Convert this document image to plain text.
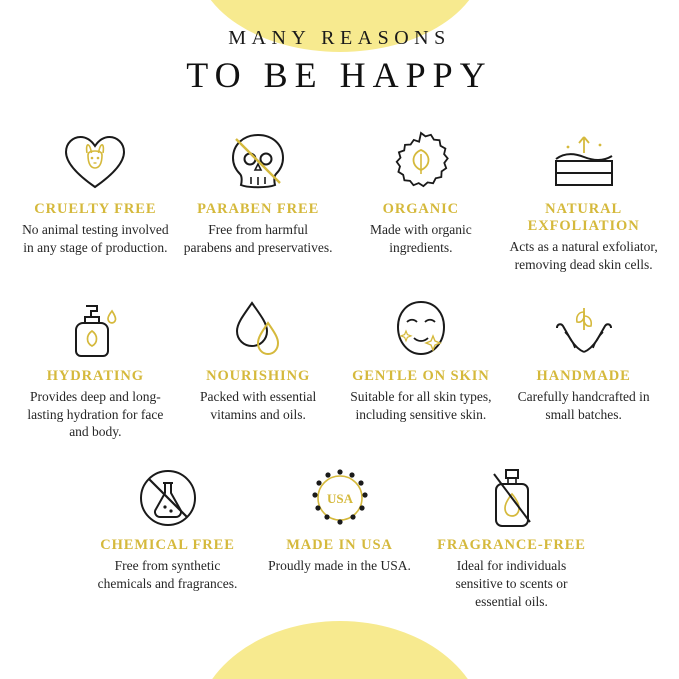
MANY REASONS
TO BE HAPPY
CRUELTY FREE
No animal testing involved in any stage of production.
PARABEN FREE
Free from harmful parabens and preservatives.
ORGANIC
Made with organic ingredients.
NATURAL EXFOLIATION
Acts as a natural exfoliator, removing dead skin cells.
HYDRATING
Provides deep and long-lasting hydration for face and body.
NOURISHING
Packed with essential vitamins and oils.
GENTLE ON SKIN
Suitable for all skin types, including sensitive skin.
HANDMADE
Carefully handcrafted in small batches.
CHEMICAL FREE
Free from synthetic chemicals and fragrances.
USA
MADE IN USA
Proudly made in the USA.
FRAGRANCE-FREE
Ideal for individuals sensitive to scents or essential oils.
